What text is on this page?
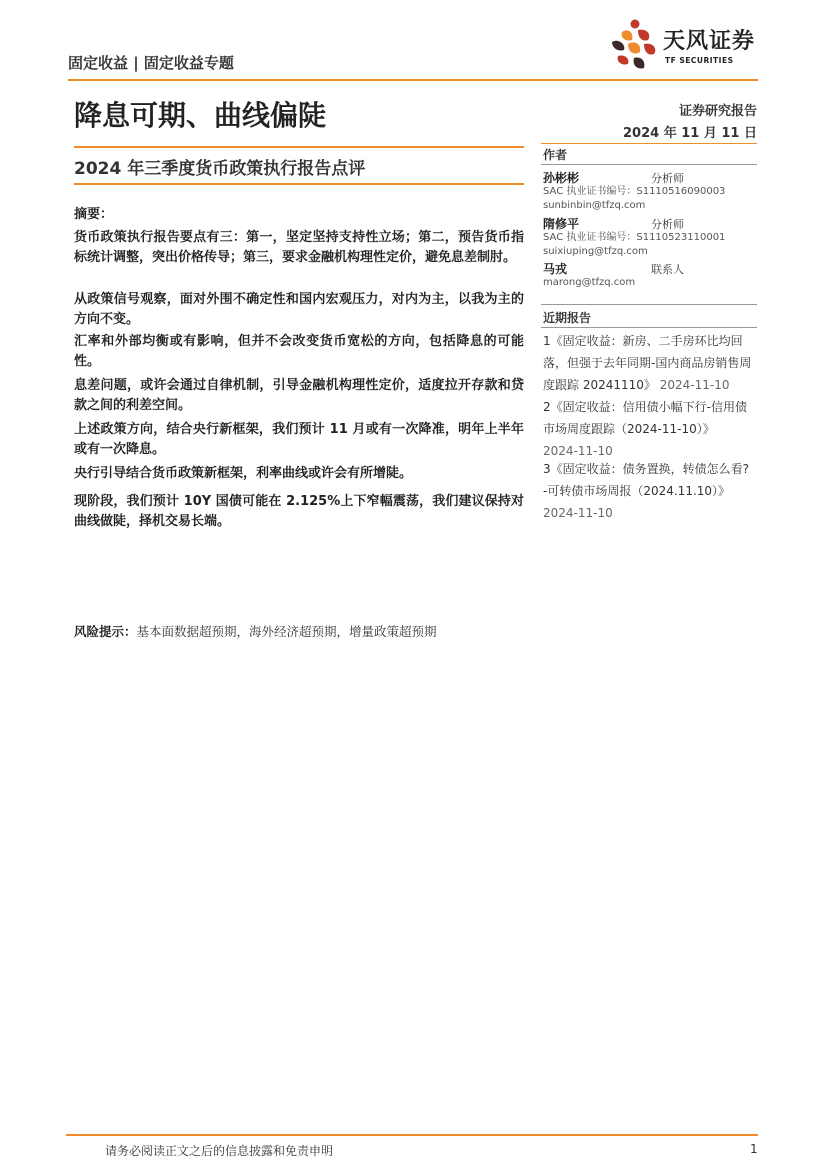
固定收益 | 固定收益专题
天风证券
TF SECURITIES
降息可期、曲线偏陡	证券研究报告
2024 年 11 月 11 日
2024 年三季度货币政策执行报告点评
作者
孙彬彬	分析师
SAC 执业证书编号：S1110516090003
sunbinbin@tfzq.com
隋修平	分析师
SAC 执业证书编号：S1110523110001
suixiuping@tfzq.com
马戎	联系人
marong@tfzq.com
近期报告
1《固定收益：新房、二手房环比均回落，但强于去年同期-国内商品房销售周度跟踪 20241110》 2024-11-10
2《固定收益：信用债小幅下行-信用债市场周度跟踪（2024-11-10）》
2024-11-10
3《固定收益：债务置换，转债怎么看? -可转债市场周报（2024.11.10）》
2024-11-10
摘要：
货币政策执行报告要点有三：第一，坚定坚持支持性立场；第二，预告货币指标统计调整，突出价格传导；第三，要求金融机构理性定价，避免息差制肘。
从政策信号观察，面对外围不确定性和国内宏观压力，对内为主，以我为主的方向不变。
汇率和外部均衡或有影响，但并不会改变货币宽松的方向，包括降息的可能性。
息差问题，或许会通过自律机制，引导金融机构理性定价，适度拉开存款和贷款之间的利差空间。
上述政策方向，结合央行新框架，我们预计 11 月或有一次降准，明年上半年或有一次降息。
央行引导结合货币政策新框架，利率曲线或许会有所增陡。
现阶段，我们预计 10Y 国债可能在 2.125%上下窄幅震荡，我们建议保持对曲线做陡，择机交易长端。
风险提示：基本面数据超预期，海外经济超预期，增量政策超预期
请务必阅读正文之后的信息披露和免责申明	1
